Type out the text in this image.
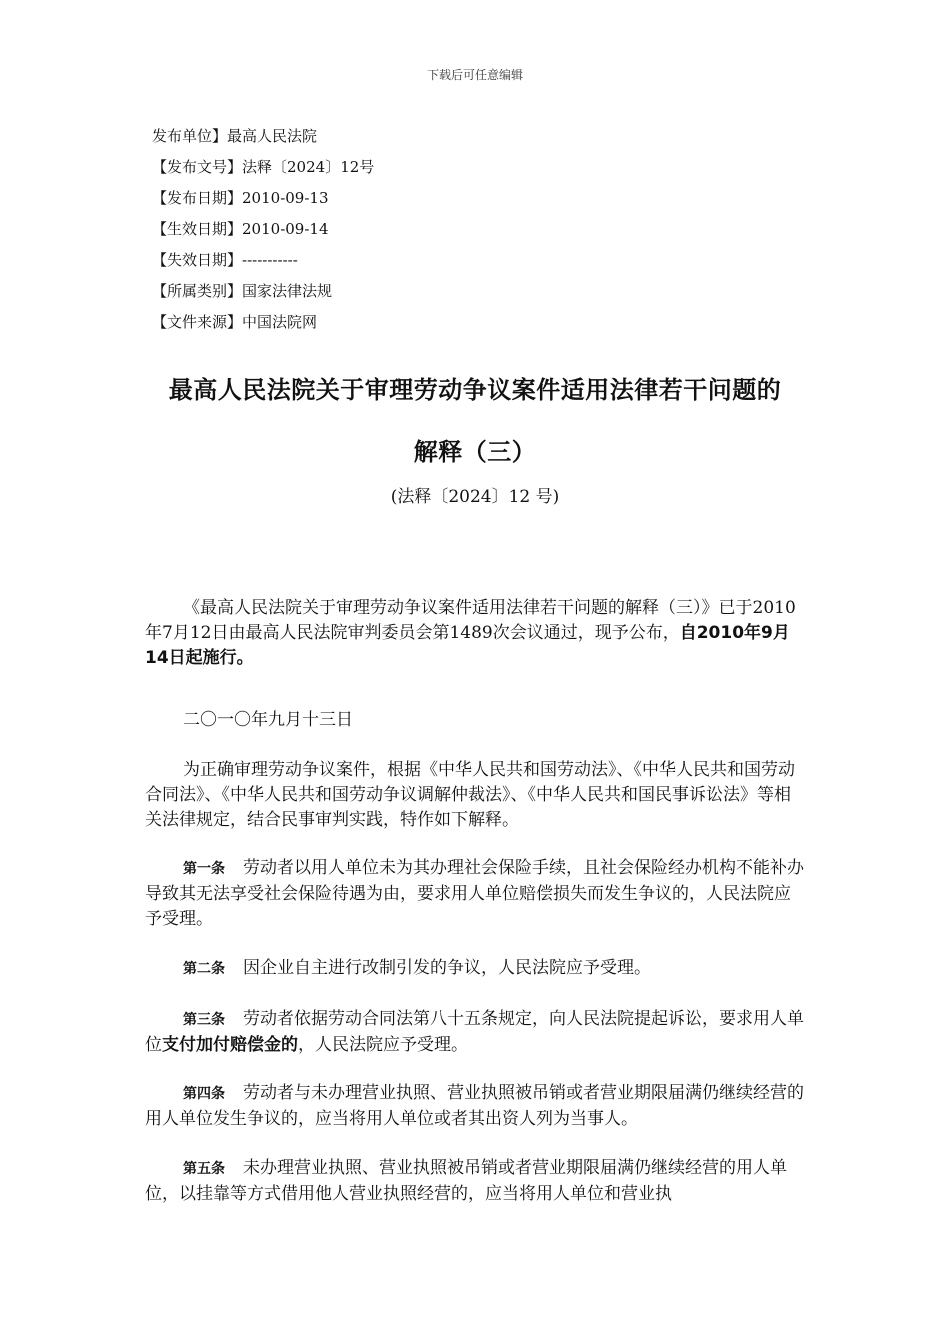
下载后可任意编辑
发布单位】最高人民法院
【发布文号】法释〔2024〕12号
【发布日期】2010-09-13
【生效日期】2010-09-14
【失效日期】-----------
【所属类别】国家法律法规
【文件来源】中国法院网
最高人民法院关于审理劳动争议案件适用法律若干问题的
解释（三）
(法释〔2024〕12 号)

《最高人民法院关于审理劳动争议案件适用法律若干问题的解释（三）》已于2010年7月12日由最高人民法院审判委员会第1489次会议通过，现予公布，自2010年9月14日起施行。

二〇一〇年九月十三日

为正确审理劳动争议案件，根据《中华人民共和国劳动法》、《中华人民共和国劳动合同法》、《中华人民共和国劳动争议调解仲裁法》、《中华人民共和国民事诉讼法》等相关法律规定，结合民事审判实践，特作如下解释。

第一条 劳动者以用人单位未为其办理社会保险手续，且社会保险经办机构不能补办导致其无法享受社会保险待遇为由，要求用人单位赔偿损失而发生争议的，人民法院应予受理。

第二条 因企业自主进行改制引发的争议，人民法院应予受理。

第三条 劳动者依据劳动合同法第八十五条规定，向人民法院提起诉讼，要求用人单位支付加付赔偿金的，人民法院应予受理。

第四条 劳动者与未办理营业执照、营业执照被吊销或者营业期限届满仍继续经营的用人单位发生争议的，应当将用人单位或者其出资人列为当事人。

第五条 未办理营业执照、营业执照被吊销或者营业期限届满仍继续经营的用人单位，以挂靠等方式借用他人营业执照经营的，应当将用人单位和营业执
